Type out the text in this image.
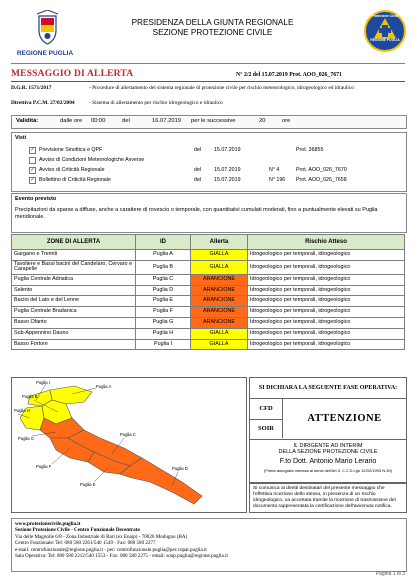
REGIONE PUGLIA
PRESIDENZA DELLA GIUNTA REGIONALE
SEZIONE PROTEZIONE CIVILE
Protezione Civile
REGIONE PUGLIA
MESSAGGIO DI ALLERTA	N° 2/2 del 15.07.2019 Prot. AOO_026_7671
D.G.R. 1571/2017	- Procedure di allertamento del sistema regionale di protezione civile per rischio meteorologico, idrogeologico ed idraulico
Direttiva P.C.M. 27/02/2004	- Sistema di allertamento per rischio idrogeologico e idraulico
Validità:	dalle ore 00:00	del	16.07.2019 per le successive	20	ore
Visti
✓ Previsione Sinottica e QPF	del 15.07.2019	Prot. 36855
Avviso di Condizioni Meteorologiche Avverse
✓ Avviso di Criticità Regionale	del 15.07.2019	N° 4	Prot. AOO_026_7670
✓ Bollettino di Criticità Regionale	del 15.07.2019	N° 196 Prot. AOO_026_7658
Evento previsto
Precipitazioni da sparse a diffuse, anche a carattere di rovescio o temporale, con quantitativi cumulati moderati, fino a puntualmente elevati su Puglia meridionale.
ZONE DI ALLERTA	ID	Allerta	Rischio Atteso
Gargano e Tremiti	Puglia A	GIALLA	Idrogeologico per temporali, idrogeologico
Tavoliere e Bassi bacini del Candelaro, Cervaro e Carapelle	Puglia B	GIALLA	Idrogeologico per temporali, idrogeologico
Puglia Centrale Adriatica	Puglia C	ARANCIONE	Idrogeologico per temporali, idrogeologico
Salento	Puglia D	ARANCIONE	Idrogeologico per temporali, idrogeologico
Bacini del Lato e del Lenne	Puglia E	ARANCIONE	Idrogeologico per temporali, idrogeologico
Puglia Centrale Bradanica	Puglia F	ARANCIONE	Idrogeologico per temporali, idrogeologico
Basso Ofanto	Puglia G	ARANCIONE	Idrogeologico per temporali, idrogeologico
Sub-Appennino Dauno	Puglia H	GIALLA	Idrogeologico per temporali, idrogeologico
Basso Fortore	Puglia I	GIALLA	Idrogeologico per temporali, idrogeologico
Puglia A
Puglia I
Puglia H
Puglia B
Puglia G
Puglia C
Puglia F
Puglia E
Puglia D
SI DICHIARA LA SEGUENTE FASE OPERATIVA:
CFD
SOIR
ATTENZIONE
IL DIRIGENTE AD INTERIM
DELLA SEZIONE PROTEZIONE CIVILE
F.to Dott. Antonio Mario Lerario
(Firma autografa omessa ai sensi dell'Art.3, C.2 D.Lgs 12/02/1993 N.39)
Si comunica ai diretti destinatari del presente messaggio che l'effettiva ricezione dello stesso, in presenza di un rischio idrogeologico, va accertata tramite la ricezione di trasmissione del documento rappresentata la certificazione dell'avvenuta notifica.
www.protezionecivile.puglia.it
Sezione Protezione Civile - Centro Funzionale Decentrato
Via delle Magnolie 6/8 - Zona Industriale di Bari (ex Enaip) - 70026 Modugno (BA)
Centro Funzionale: Tel: 080 580 2261/540 1549 - Fax: 080 580 2277
e-mail: centrofunzionale@regione.puglia.it - pec: centrofunzionale.puglia@pec.rupar.puglia.it
Sala Operativa: Tel: 080 580 2212/540 1553 - Fax: 080 580 2275 - email: soup.puglia@regione.puglia.it
Pagina 1 di 3
